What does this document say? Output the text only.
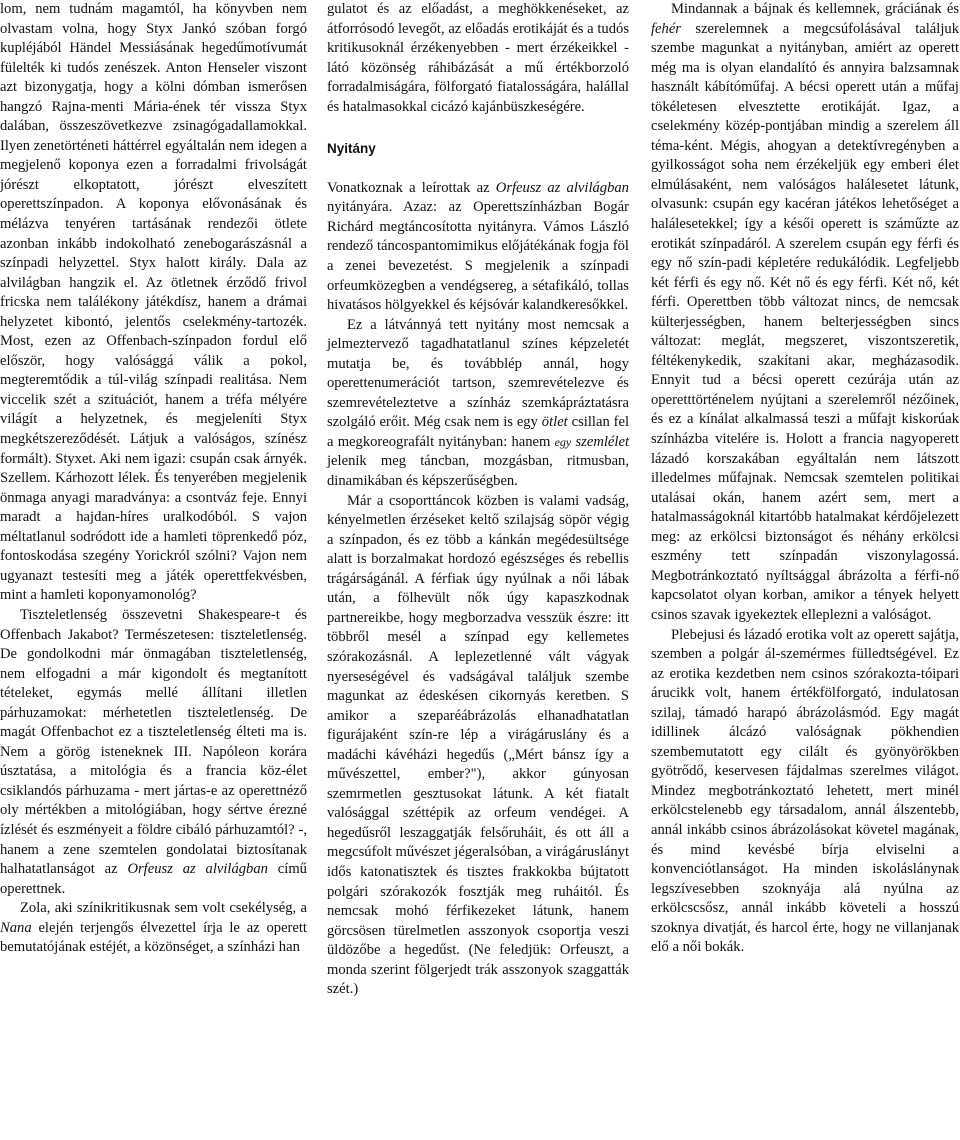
lom, nem tudnám magamtól, ha könyvben nem olvastam volna, hogy Styx Jankó szóban forgó kupléjából Händel Messiásának hegedűmotívumát fülelték ki tudós zenészek. Anton Henseler viszont azt bizonygatja, hogy a kölni dómban ismerősen hangzó Rajna-menti Mária-ének tér vissza Styx dalában, összeszövetkezve zsinagógadallamokkal. Ilyen zenetörténeti háttérrel egyáltalán nem idegen a megjelenő koponya ezen a forradalmi frivolságát jórészt elkoptatott, jórészt elveszített operettszínpadon. A koponya elővonásának és mélázva tenyéren tartásának rendezői ötlete azonban inkább indokolható zenebogarászásnál a színpadi helyzettel. Styx halott király. Dala az alvilágban hangzik el. Az ötletnek érződő frivol fricska nem találékony játékdísz, hanem a drámai helyzetet kibontó, jelentős cselekmény-tartozék. Most, ezen az Offenbach-színpadon fordul elő először, hogy valósággá válik a pokol, megteremtődik a túl-világ színpadi realitása. Nem viccelik szét a szituációt, hanem a tréfa mélyére világít a helyzetnek, és megjeleníti Styx megkétszereződését. Látjuk a valóságos, színész formált). Styxet. Aki nem igazi: csupán csak árnyék. Szellem. Kárhozott lélek. És tenyerében megjelenik önmaga anyagi maradványa: a csontváz feje. Ennyi maradt a hajdan-híres uralkodóból. S vajon méltatlanul sodródott ide a hamleti töprenkedő póz, fontoskodása szegény Yorickról szólni? Vajon nem ugyanazt testesíti meg a játék operettfekvésben, mint a hamleti koponyamonológ?

Tiszteletlenség összevetni Shakespeare-t és Offenbach Jakabot? Természetesen: tiszteletlenség. De gondolkodni már önmagában tiszteletlenség, nem elfogadni a már kigondolt és megtanított tételeket, egymás mellé állítani illetlen párhuzamokat: mérhetetlen tiszteletlenség. De magát Offenbachot ez a tiszteletlenség élteti ma is. Nem a görög isteneknek III. Napóleon korára úsztatása, a mitológia és a francia köz-élet csiklandós párhuzama - mert jártas-e az operettnéző oly mértékben a mitológiában, hogy sértve érezné ízlését és eszményeit a földre cibáló párhuzamtól? -, hanem a zene szemtelen gondolatai biztosítanak halhatatlanságot az Orfeusz az alvilágban című operettnek.

Zola, aki színikritikusnak sem volt csekélység, a Nana elején terjengős élvezettel írja le az operett bemutatójának estéjét, a közönséget, a színházi han

gulatot és az előadást, a meghökkenéseket, az átforrósodó levegőt, az előadás erotikáját és a tudós kritikusoknál érzékenyebben - mert érzékeikkel - látó közönség ráhibázását a mű értékborzoló forradalmiságára, fölforgató fiatalosságára, halállal és hatalmasokkal cicázó kajánbüszkeségére.

Nyitány

Vonatkoznak a leírottak az Orfeusz az alvilágban nyitányára. Azaz: az Operettszínházban Bogár Richárd megtáncosította nyitányra. Vámos László rendező táncospantomimikus előjátékának fogja föl a zenei bevezetést. S megjelenik a színpadi orfeumközegben a vendégsereg, a sétafikáló, tollas hivatásos hölgyekkel és kéjsóvár kalandkeresőkkel.

Ez a látvánnyá tett nyitány most nemcsak a jelmeztervező tagadhatatlanul színes képzeletét mutatja be, és továbblép annál, hogy operettenumerációt tartson, szemrevételezve és szemrevételeztetve a színház szemkápráztatásra szolgáló erőit. Még csak nem is egy ötlet csillan fel a megkoreografált nyitányban: hanem egy szemlélet jelenik meg táncban, mozgásban, ritmusban, dinamikában és képszerűségben.

Már a csoporttáncok közben is valami vadság, kényelmetlen érzéseket keltő szilajság söpör végig a színpadon, és ez több a kánkán megédesültsége alatt is borzalmakat hordozó egészséges és rebellis trágárságánál. A férfiak úgy nyúlnak a női lábak után, a fölhevült nők úgy kapaszkodnak partnereikbe, hogy megborzadva vesszük észre: itt többről mesél a színpad egy kellemetes szórakozásnál. A leplezetlenné vált vágyak nyerseségével és vadságával találjuk szembe magunkat az édeskésen cikornyás keretben. S amikor a szeparéábrázolás elhanadhatatlan figurájaként szín-re lép a virágáruslány és a madáchi kávéházi hegedűs („Mért bánsz így a művészettel, ember?"), akkor gúnyosan szemrmetlen gesztusokat látunk. A két fiatalt valósággal széttépik az orfeum vendégei. A hegedűsről leszaggatják felsőruháit, és ott áll a megcsúfolt művészet jégeralsóban, a virágáruslányt idős katonatisztek és tisztes frakkokba bújtatott polgári szórakozók fosztják meg ruháitól. És nemcsak mohó férfikezeket látunk, hanem görcsösen türelmetlen asszonyok csoportja veszi üldözőbe a hegedűst. (Ne feledjük: Orfeuszt, a monda szerint fölgerjedt trák asszonyok szaggatták szét.)

Mindannak a bájnak és kellemnek, gráciának és fehér szerelemnek a megcsúfolásával találjuk szembe magunkat a nyitányban, amiért az operett még ma is olyan elandalító és annyira balzsamnak használt kábítóműfaj. A bécsi operett után a műfaj tökéletesen elvesztette erotikáját. Igaz, a cselekmény közép-pontjában mindig a szerelem áll téma-ként. Mégis, ahogyan a detektívregényben a gyilkosságot soha nem érzékeljük egy emberi élet elmúlásaként, nem valóságos halálesetet látunk, olvasunk: csupán egy kacéran játékos lehetőséget a halálesetekkel; így a késői operett is száműzte az erotikát színpadáról. A szerelem csupán egy férfi és egy nő szín-padi képletére redukálódik. Legfeljebb két férfi és egy nő. Két nő és egy férfi. Két nő, két férfi. Operettben több változat nincs, de nemcsak külterjességben, hanem belterjességben sincs változat: meglát, megszeret, viszontszeretik, féltékenykedik, szakítani akar, megházasodik. Ennyit tud a bécsi operett cezúrája után az operetttörténelem nyújtani a szerelemről nézőinek, és ez a kínálat alkalmassá teszi a műfajt kiskorúak színházba vitelére is. Holott a francia nagyoperett lázadó korszakában egyáltalán nem látszott illedelmes műfajnak. Nemcsak szemtelen politikai utalásai okán, hanem azért sem, mert a hatalmasságoknál kitartóbb hatalmakat kérdőjelezett meg: az erkölcsi biztonságot és néhány erkölcsi eszmény tett színpadán viszonylagossá. Megbotránkoztató nyíltsággal ábrázolta a férfi-nő kapcsolatot olyan korban, amikor a tények helyett csinos szavak igyekeztek elleplezni a valóságot.

Plebejusi és lázadó erotika volt az operett sajátja, szemben a polgár ál-szemérmes fülledtségével. Ez az erotika kezdetben nem csinos szórakozta-tóipari árucikk volt, hanem értékfölforgató, indulatosan szilaj, támadó harapó ábrázolásmód. Egy magát idillinek álcázó valóságnak pökhendien szembemutatott egy cilált és gyönyörökben gyötrődő, keservesen fájdalmas szerelmes világot. Mindez megbotránkoztató lehetett, mert minél erkölcstelenebb egy társadalom, annál álszentebb, annál inkább csinos ábrázolásokat követel magának, és mind kevésbé bírja elviselni a konvenciótlanságot. Ha minden iskoláslánynak legszívesebben szoknyája alá nyúlna az erkölcscsősz, annál inkább követeli a hosszú szoknya divatját, és harcol érte, hogy ne villanjanak elő a női bokák.
